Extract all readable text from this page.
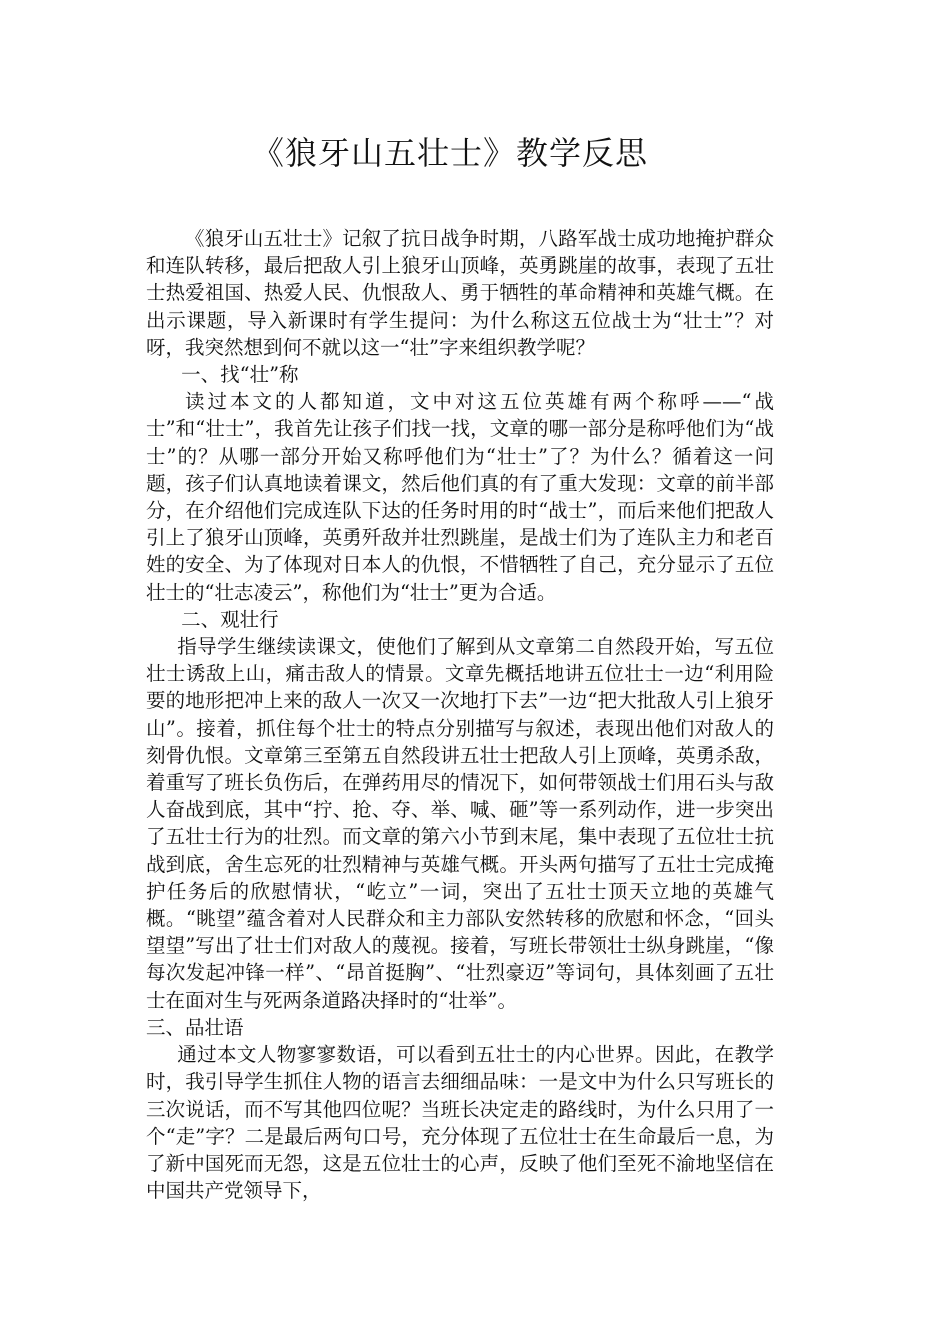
《狼牙山五壮士》教学反思

《狼牙山五壮士》记叙了抗日战争时期，八路军战士成功地掩护群众和连队转移，最后把敌人引上狼牙山顶峰，英勇跳崖的故事，表现了五壮士热爱祖国、热爱人民、仇恨敌人、勇于牺牲的革命精神和英雄气概。在出示课题，导入新课时有学生提问：为什么称这五位战士为“壮士”？对呀，我突然想到何不就以这一“壮”字来组织教学呢？

一、找“壮”称

读过本文的人都知道，文中对这五位英雄有两个称呼——“战士”和“壮士”，我首先让孩子们找一找，文章的哪一部分是称呼他们为“战士”的？从哪一部分开始又称呼他们为“壮士”了？为什么？循着这一问题，孩子们认真地读着课文，然后他们真的有了重大发现：文章的前半部分，在介绍他们完成连队下达的任务时用的时“战士”，而后来他们把敌人引上了狼牙山顶峰，英勇歼敌并壮烈跳崖，是战士们为了连队主力和老百姓的安全、为了体现对日本人的仇恨，不惜牺牲了自己，充分显示了五位壮士的“壮志凌云”，称他们为“壮士”更为合适。

二、观壮行

指导学生继续读课文，使他们了解到从文章第二自然段开始，写五位壮士诱敌上山，痛击敌人的情景。文章先概括地讲五位壮士一边“利用险要的地形把冲上来的敌人一次又一次地打下去”一边“把大批敌人引上狼牙山”。接着，抓住每个壮士的特点分别描写与叙述，表现出他们对敌人的刻骨仇恨。文章第三至第五自然段讲五壮士把敌人引上顶峰，英勇杀敌，着重写了班长负伤后，在弹药用尽的情况下，如何带领战士们用石头与敌人奋战到底，其中“拧、抢、夺、举、喊、砸”等一系列动作，进一步突出了五壮士行为的壮烈。而文章的第六小节到末尾，集中表现了五位壮士抗战到底，舍生忘死的壮烈精神与英雄气概。开头两句描写了五壮士完成掩护任务后的欣慰情状，“屹立”一词，突出了五壮士顶天立地的英雄气概。“眺望”蕴含着对人民群众和主力部队安然转移的欣慰和怀念，“回头望望”写出了壮士们对敌人的蔑视。接着，写班长带领壮士纵身跳崖，“像每次发起冲锋一样”、“昂首挺胸”、“壮烈豪迈”等词句，具体刻画了五壮士在面对生与死两条道路决择时的“壮举”。

三、品壮语

通过本文人物寥寥数语，可以看到五壮士的内心世界。因此，在教学时，我引导学生抓住人物的语言去细细品味：一是文中为什么只写班长的三次说话，而不写其他四位呢？当班长决定走的路线时，为什么只用了一个“走”字？二是最后两句口号，充分体现了五位壮士在生命最后一息，为了新中国死而无怨，这是五位壮士的心声，反映了他们至死不渝地坚信在中国共产党领导下，
